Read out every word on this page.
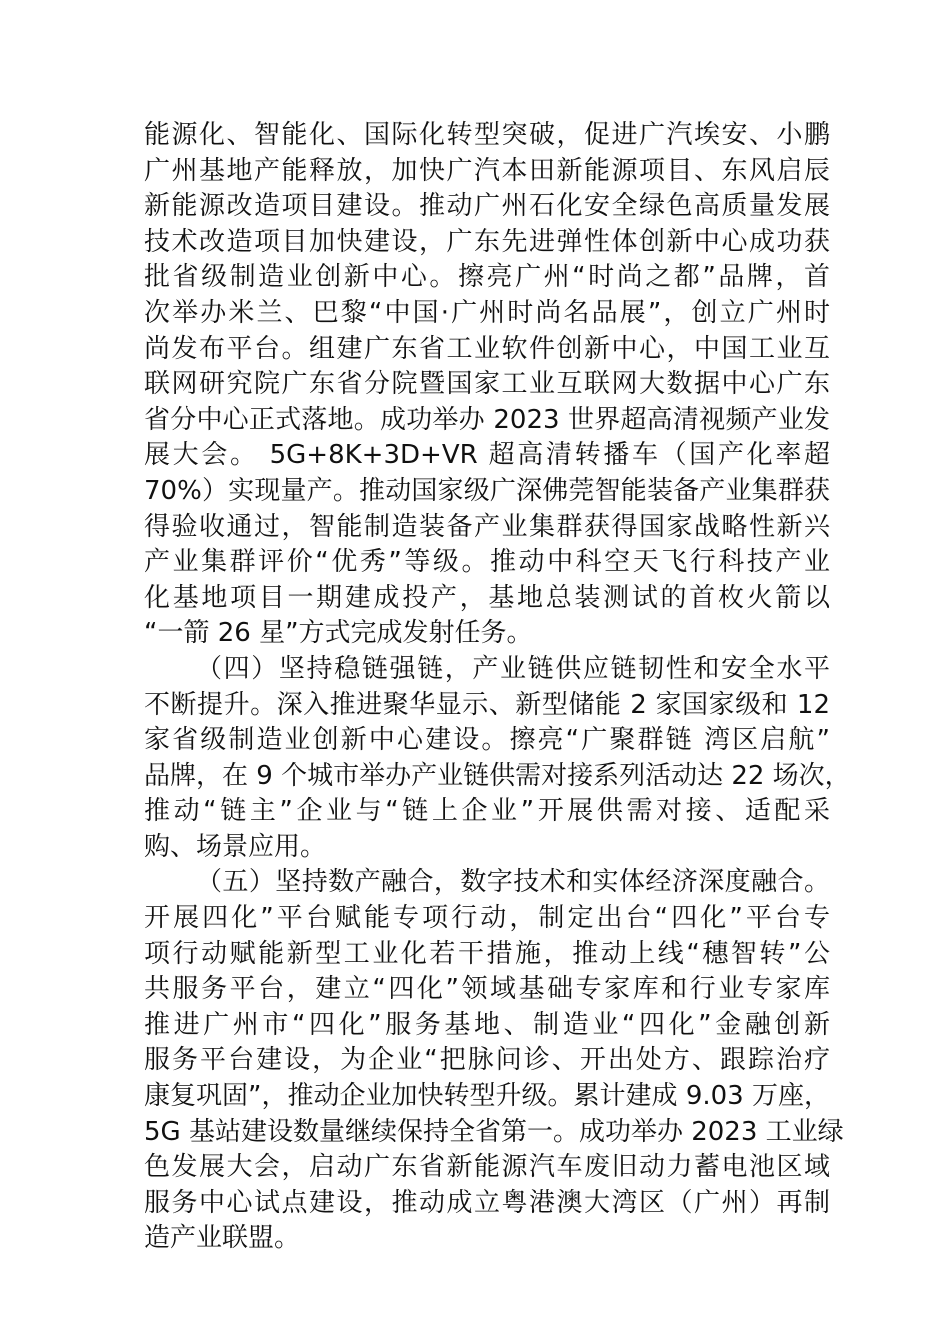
能源化、智能化、国际化转型突破，促进广汽埃安、小鹏
广州基地产能释放，加快广汽本田新能源项目、东风启辰
新能源改造项目建设。推动广州石化安全绿色高质量发展
技术改造项目加快建设，广东先进弹性体创新中心成功获
批省级制造业创新中心。擦亮广州“时尚之都”品牌，首
次举办米兰、巴黎“中国·广州时尚名品展”，创立广州时
尚发布平台。组建广东省工业软件创新中心，中国工业互
联网研究院广东省分院暨国家工业互联网大数据中心广东
省分中心正式落地。成功举办 2023 世界超高清视频产业发
展大会。 5G+8K+3D+VR 超高清转播车（国产化率超
70%）实现量产。推动国家级广深佛莞智能装备产业集群获
得验收通过，智能制造装备产业集群获得国家战略性新兴
产业集群评价“优秀”等级。推动中科空天飞行科技产业
化基地项目一期建成投产，基地总装测试的首枚火箭以
“一箭 26 星”方式完成发射任务。
（四）坚持稳链强链，产业链供应链韧性和安全水平
不断提升。深入推进聚华显示、新型储能 2 家国家级和 12
家省级制造业创新中心建设。擦亮“广聚群链 湾区启航”
品牌，在 9 个城市举办产业链供需对接系列活动达 22 场次，
推动“链主”企业与“链上企业”开展供需对接、适配采
购、场景应用。
（五）坚持数产融合，数字技术和实体经济深度融合。
开展四化”平台赋能专项行动，制定出台“四化”平台专
项行动赋能新型工业化若干措施，推动上线“穗智转”公
共服务平台，建立“四化”领域基础专家库和行业专家库
推进广州市“四化”服务基地、制造业“四化”金融创新
服务平台建设，为企业“把脉问诊、开出处方、跟踪治疗
康复巩固”，推动企业加快转型升级。累计建成 9.03 万座，
5G 基站建设数量继续保持全省第一。成功举办 2023 工业绿
色发展大会，启动广东省新能源汽车废旧动力蓄电池区域
服务中心试点建设，推动成立粤港澳大湾区（广州）再制
造产业联盟。
